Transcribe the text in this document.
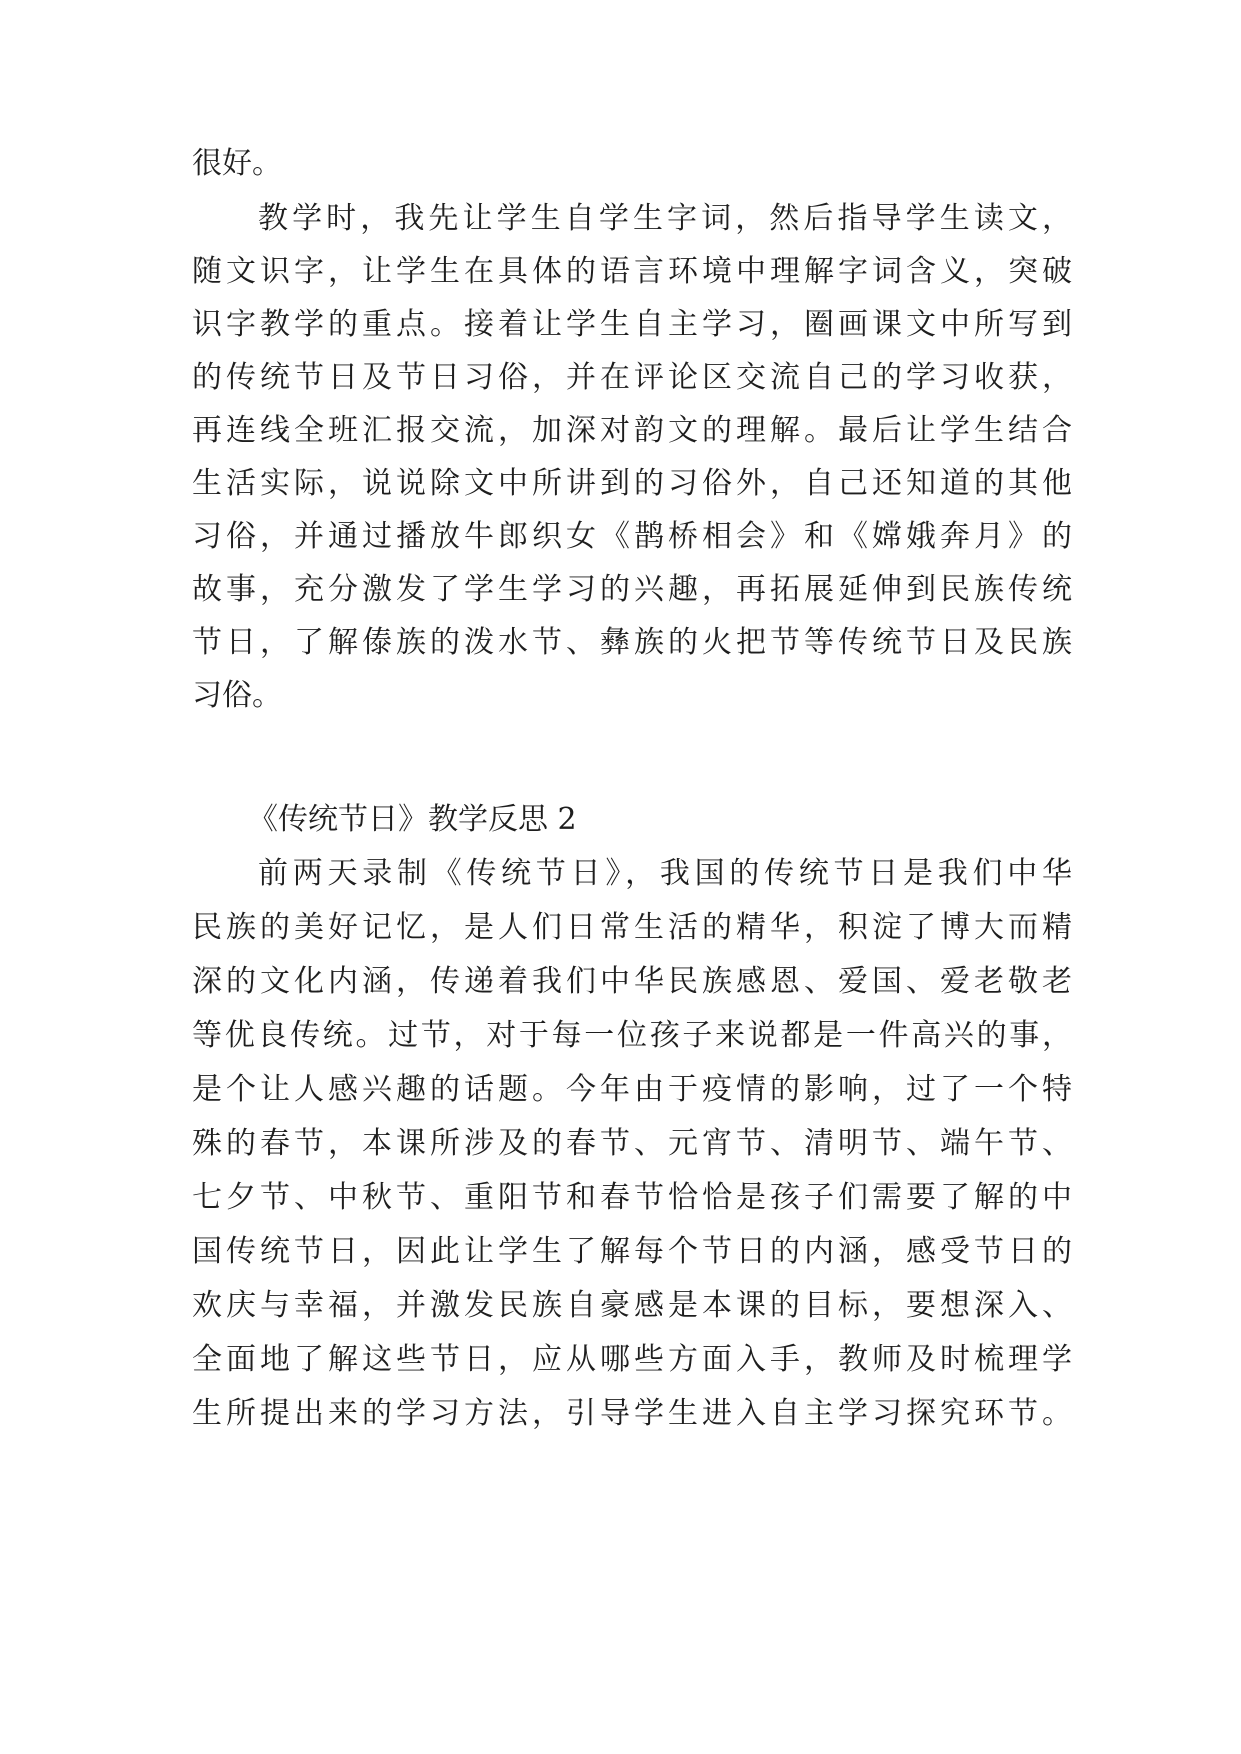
很好。
教学时，我先让学生自学生字词，然后指导学生读文，
随文识字，让学生在具体的语言环境中理解字词含义，突破
识字教学的重点。接着让学生自主学习，圈画课文中所写到
的传统节日及节日习俗，并在评论区交流自己的学习收获，
再连线全班汇报交流，加深对韵文的理解。最后让学生结合
生活实际，说说除文中所讲到的习俗外，自己还知道的其他
习俗，并通过播放牛郎织女《鹊桥相会》和《嫦娥奔月》的
故事，充分激发了学生学习的兴趣，再拓展延伸到民族传统
节日，了解傣族的泼水节、彝族的火把节等传统节日及民族
习俗。
《传统节日》教学反思 2
前两天录制《传统节日》，我国的传统节日是我们中华
民族的美好记忆，是人们日常生活的精华，积淀了博大而精
深的文化内涵，传递着我们中华民族感恩、爱国、爱老敬老
等优良传统。过节，对于每一位孩子来说都是一件高兴的事，
是个让人感兴趣的话题。今年由于疫情的影响，过了一个特
殊的春节，本课所涉及的春节、元宵节、清明节、端午节、
七夕节、中秋节、重阳节和春节恰恰是孩子们需要了解的中
国传统节日，因此让学生了解每个节日的内涵，感受节日的
欢庆与幸福，并激发民族自豪感是本课的目标，要想深入、
全面地了解这些节日，应从哪些方面入手，教师及时梳理学
生所提出来的学习方法，引导学生进入自主学习探究环节。
